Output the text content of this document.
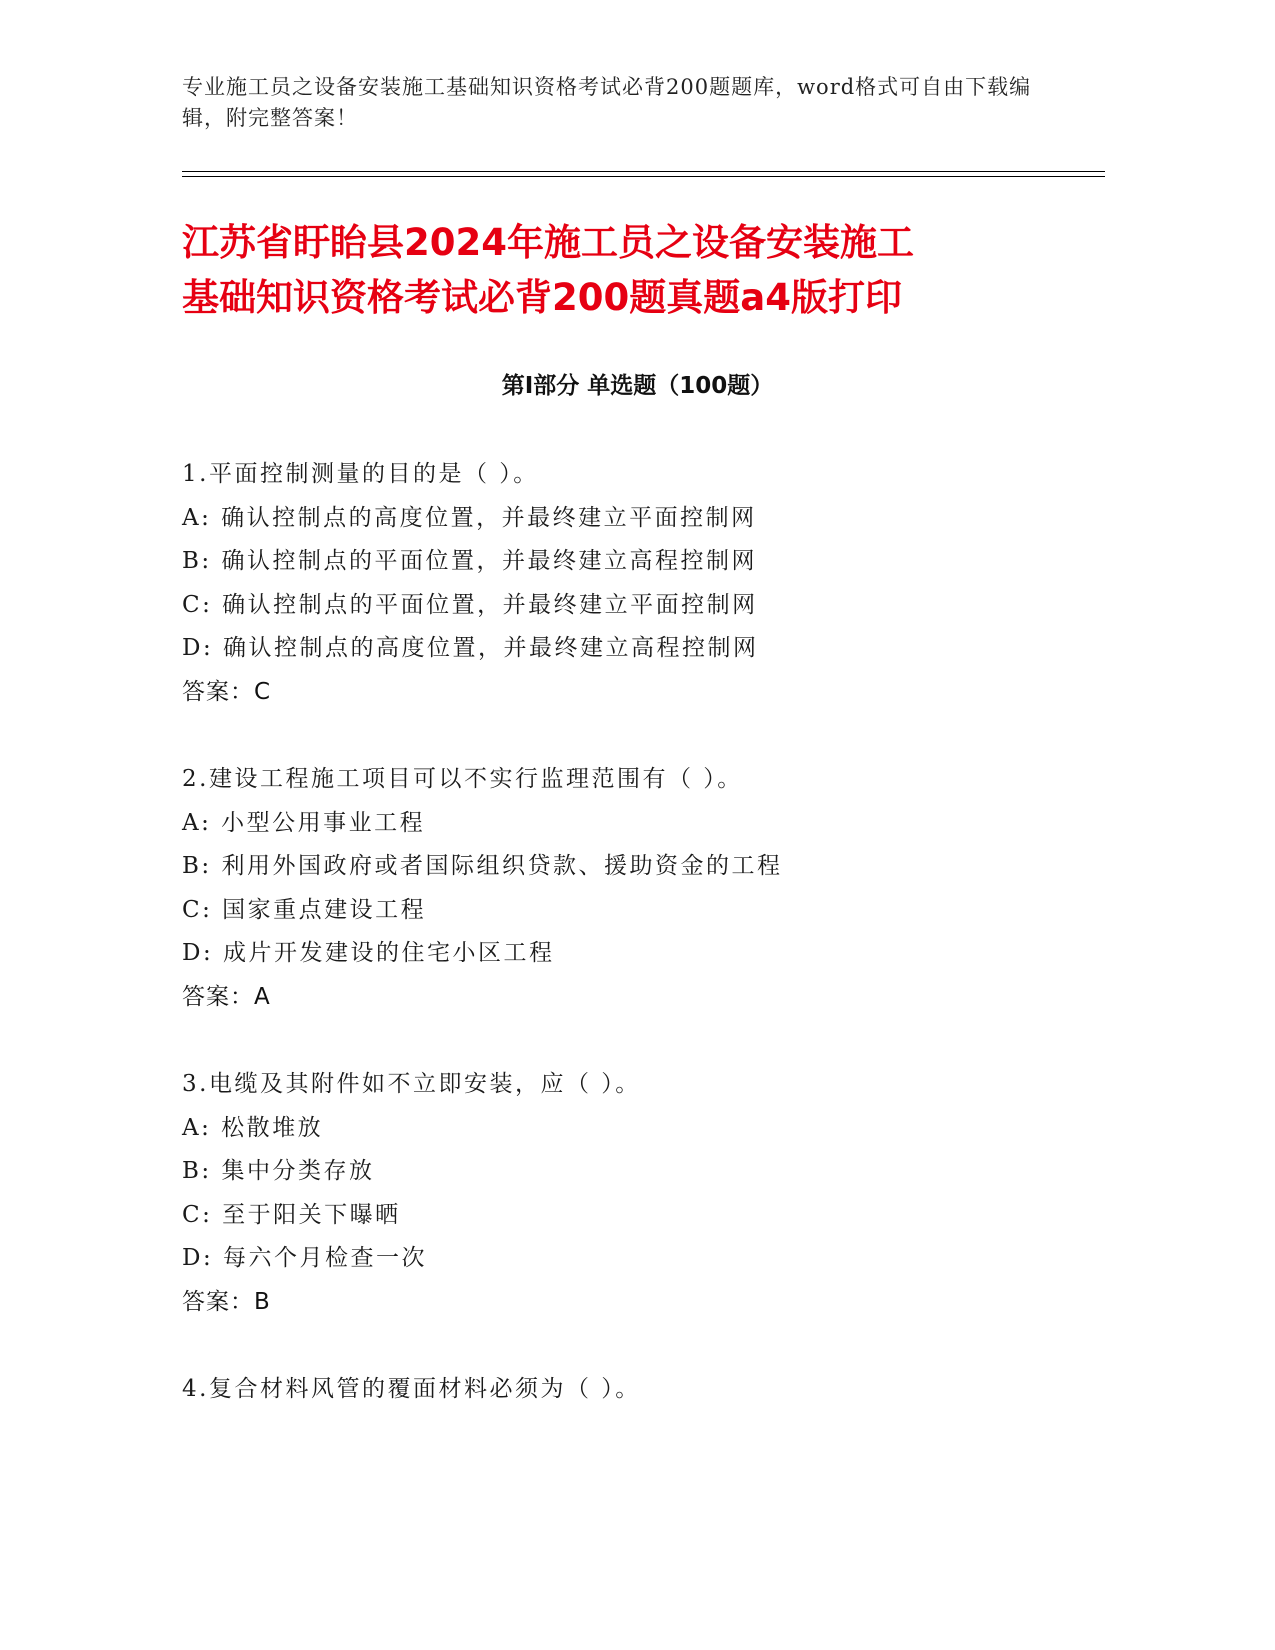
专业施工员之设备安装施工基础知识资格考试必背200题题库，word格式可自由下载编辑，附完整答案！
江苏省盱眙县2024年施工员之设备安装施工
基础知识资格考试必背200题真题a4版打印
第Ⅰ部分 单选题（100题）
1.平面控制测量的目的是（ ）。
A: 确认控制点的高度位置，并最终建立平面控制网
B: 确认控制点的平面位置，并最终建立高程控制网
C: 确认控制点的平面位置，并最终建立平面控制网
D: 确认控制点的高度位置，并最终建立高程控制网
答案：C
2.建设工程施工项目可以不实行监理范围有（ ）。
A: 小型公用事业工程
B: 利用外国政府或者国际组织贷款、援助资金的工程
C: 国家重点建设工程
D: 成片开发建设的住宅小区工程
答案：A
3.电缆及其附件如不立即安装，应（ ）。
A: 松散堆放
B: 集中分类存放
C: 至于阳关下曝晒
D: 每六个月检查一次
答案：B
4.复合材料风管的覆面材料必须为（ ）。
